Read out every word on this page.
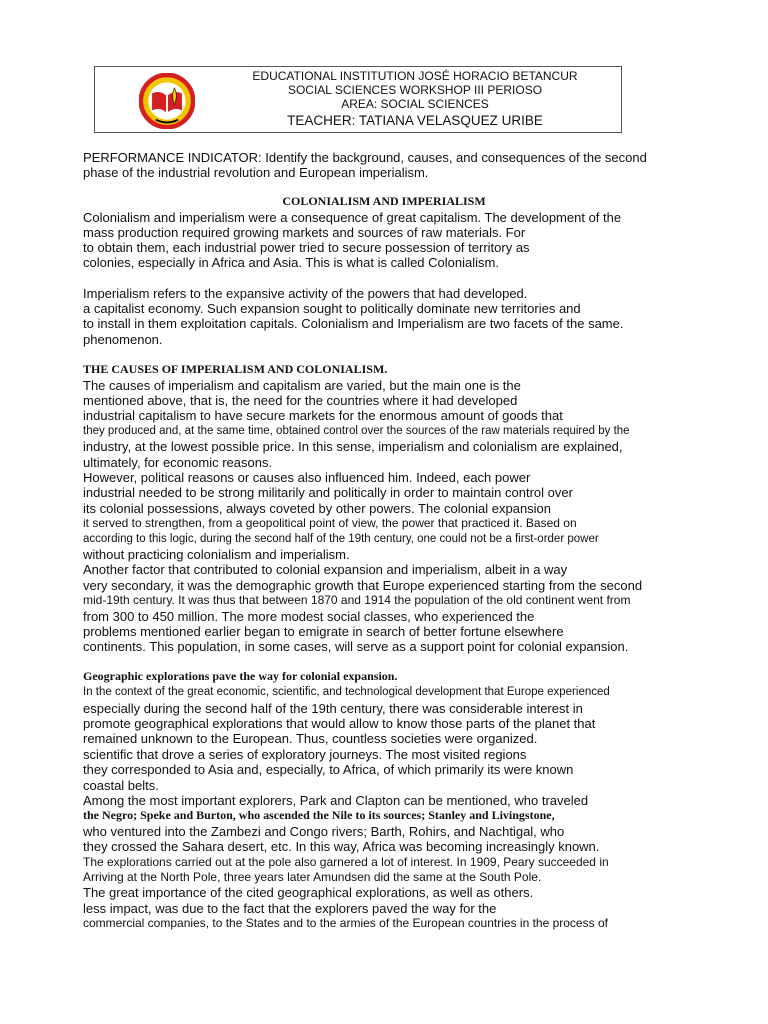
EDUCATIONAL INSTITUTION JOSÉ HORACIO BETANCUR
SOCIAL SCIENCES WORKSHOP III PERIOSO
AREA: SOCIAL SCIENCES
TEACHER: TATIANA VELASQUEZ URIBE
PERFORMANCE INDICATOR: Identify the background, causes, and consequences of the second
phase of the industrial revolution and European imperialism.
COLONIALISM AND IMPERIALISM
Colonialism and imperialism were a consequence of great capitalism. The development of the
mass production required growing markets and sources of raw materials. For
to obtain them, each industrial power tried to secure possession of territory as
colonies, especially in Africa and Asia. This is what is called Colonialism.
Imperialism refers to the expansive activity of the powers that had developed.
a capitalist economy. Such expansion sought to politically dominate new territories and
to install in them exploitation capitals. Colonialism and Imperialism are two facets of the same.
phenomenon.
THE CAUSES OF IMPERIALISM AND COLONIALISM.
The causes of imperialism and capitalism are varied, but the main one is the
mentioned above, that is, the need for the countries where it had developed
industrial capitalism to have secure markets for the enormous amount of goods that
they produced and, at the same time, obtained control over the sources of the raw materials required by the
industry, at the lowest possible price. In this sense, imperialism and colonialism are explained,
ultimately, for economic reasons.
However, political reasons or causes also influenced him. Indeed, each power
industrial needed to be strong militarily and politically in order to maintain control over
its colonial possessions, always coveted by other powers. The colonial expansion
it served to strengthen, from a geopolitical point of view, the power that practiced it. Based on
according to this logic, during the second half of the 19th century, one could not be a first-order power
without practicing colonialism and imperialism.
Another factor that contributed to colonial expansion and imperialism, albeit in a way
very secondary, it was the demographic growth that Europe experienced starting from the second
mid-19th century. It was thus that between 1870 and 1914 the population of the old continent went from
from 300 to 450 million. The more modest social classes, who experienced the
problems mentioned earlier began to emigrate in search of better fortune elsewhere
continents. This population, in some cases, will serve as a support point for colonial expansion.
Geographic explorations pave the way for colonial expansion.
In the context of the great economic, scientific, and technological development that Europe experienced
especially during the second half of the 19th century, there was considerable interest in
promote geographical explorations that would allow to know those parts of the planet that
remained unknown to the European. Thus, countless societies were organized.
scientific that drove a series of exploratory journeys. The most visited regions
they corresponded to Asia and, especially, to Africa, of which primarily its were known
coastal belts.
Among the most important explorers, Park and Clapton can be mentioned, who traveled
the Negro; Speke and Burton, who ascended the Nile to its sources; Stanley and Livingstone,
who ventured into the Zambezi and Congo rivers; Barth, Rohirs, and Nachtigal, who
they crossed the Sahara desert, etc. In this way, Africa was becoming increasingly known.
The explorations carried out at the pole also garnered a lot of interest. In 1909, Peary succeeded in
Arriving at the North Pole, three years later Amundsen did the same at the South Pole.
The great importance of the cited geographical explorations, as well as others.
less impact, was due to the fact that the explorers paved the way for the
commercial companies, to the States and to the armies of the European countries in the process of
